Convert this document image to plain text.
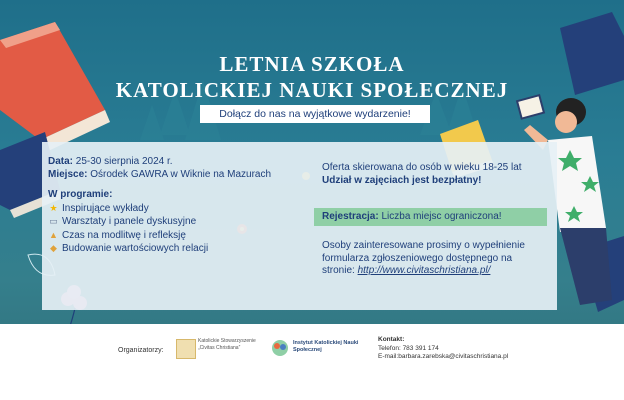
LETNIA SZKOŁA
KATOLICKIEJ NAUKI SPOŁECZNEJ
Dołącz do nas na wyjątkowe wydarzenie!
Data: 25-30 sierpnia 2024 r.
Miejsce: Ośrodek GAWRA w Wiknie na Mazurach
W programie:
★ Inspirujące wykłady
▭ Warsztaty i panele dyskusyjne
▲ Czas na modlitwę i refleksję
◆ Budowanie wartościowych relacji
Oferta skierowana do osób w wieku 18-25 lat
Udział w zajęciach jest bezpłatny!
Rejestracja: Liczba miejsc ograniczona!
Osoby zainteresowane prosimy o wypełnienie formularza zgłoszeniowego dostępnego na stronie: http://www.civitaschristiana.pl/
Organizatorzy:
Katolickie Stowarzyszenie „Civitas Christiana”
Instytut Katolickiej Nauki Społecznej
Kontakt:
Telefon: 783 391 174
E-mail:barbara.zarebska@civitaschristiana.pl
